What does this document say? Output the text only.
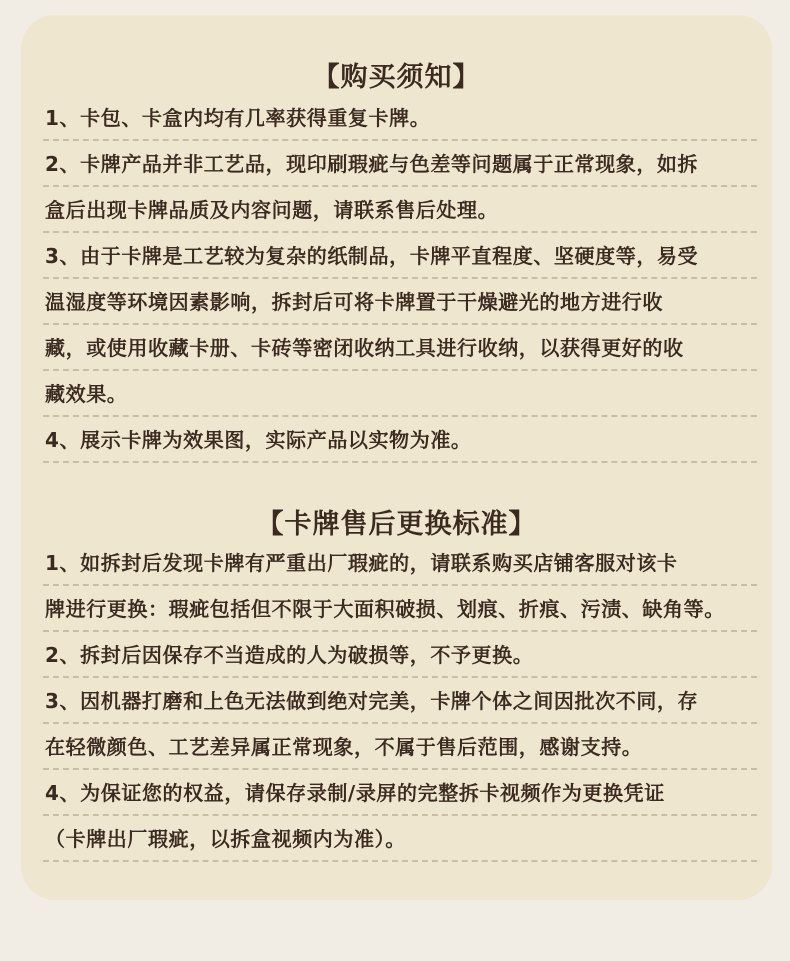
【购买须知】
1、卡包、卡盒内均有几率获得重复卡牌。
2、卡牌产品并非工艺品，现印刷瑕疵与色差等问题属于正常现象，如拆
盒后出现卡牌品质及内容问题，请联系售后处理。
3、由于卡牌是工艺较为复杂的纸制品，卡牌平直程度、坚硬度等，易受
温湿度等环境因素影响，拆封后可将卡牌置于干燥避光的地方进行收
藏，或使用收藏卡册、卡砖等密闭收纳工具进行收纳，以获得更好的收
藏效果。
4、展示卡牌为效果图，实际产品以实物为准。
【卡牌售后更换标准】
1、如拆封后发现卡牌有严重出厂瑕疵的，请联系购买店铺客服对该卡
牌进行更换：瑕疵包括但不限于大面积破损、划痕、折痕、污渍、缺角等。
2、拆封后因保存不当造成的人为破损等，不予更换。
3、因机器打磨和上色无法做到绝对完美，卡牌个体之间因批次不同，存
在轻微颜色、工艺差异属正常现象，不属于售后范围，感谢支持。
4、为保证您的权益，请保存录制/录屏的完整拆卡视频作为更换凭证
（卡牌出厂瑕疵，以拆盒视频内为准）。
